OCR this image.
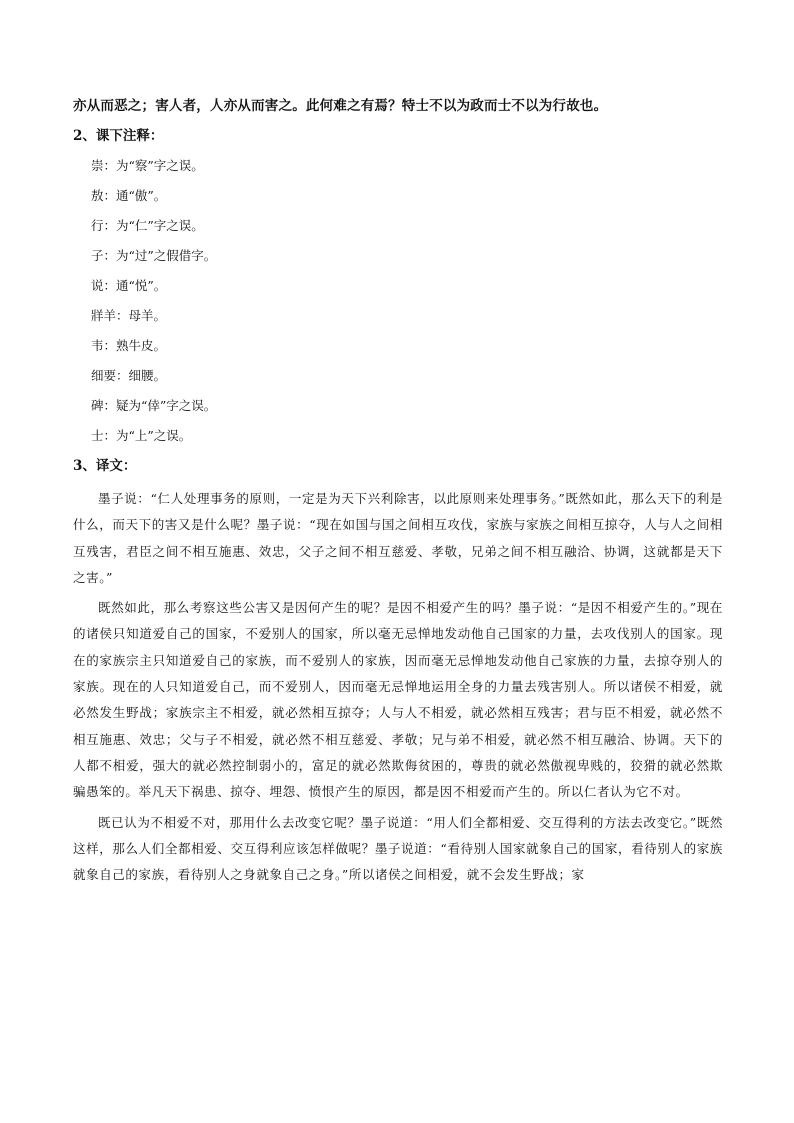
亦从而恶之；害人者，人亦从而害之。此何难之有焉？特士不以为政而士不以为行故也。

2、课下注释：

崇：为“察”字之误。
敖：通“傲”。
行：为“仁”字之误。
子：为“过”之假借字。
说：通“悦”。
牂羊：母羊。
韦：熟牛皮。
细要：细腰。
碑：疑为“倖”字之误。
士：为“上”之误。

3、译文：

墨子说：“仁人处理事务的原则，一定是为天下兴利除害，以此原则来处理事务。”既然如此，那么天下的利是什么，而天下的害又是什么呢？墨子说：“现在如国与国之间相互攻伐，家族与家族之间相互掠夺，人与人之间相互残害，君臣之间不相互施惠、效忠，父子之间不相互慈爱、孝敬，兄弟之间不相互融洽、协调，这就都是天下之害。”

既然如此，那么考察这些公害又是因何产生的呢？是因不相爱产生的吗？墨子说：“是因不相爱产生的。”现在的诸侯只知道爱自己的国家，不爱别人的国家，所以毫无忌惮地发动他自己国家的力量，去攻伐别人的国家。现在的家族宗主只知道爱自己的家族，而不爱别人的家族，因而毫无忌惮地发动他自己家族的力量，去掠夺别人的家族。现在的人只知道爱自己，而不爱别人，因而毫无忌惮地运用全身的力量去残害别人。所以诸侯不相爱，就必然发生野战；家族宗主不相爱，就必然相互掠夺；人与人不相爱，就必然相互残害；君与臣不相爱，就必然不相互施惠、效忠；父与子不相爱，就必然不相互慈爱、孝敬；兄与弟不相爱，就必然不相互融洽、协调。天下的人都不相爱，强大的就必然控制弱小的，富足的就必然欺侮贫困的，尊贵的就必然傲视卑贱的，狡猾的就必然欺骗愚笨的。举凡天下祸患、掠夺、埋怨、愤恨产生的原因，都是因不相爱而产生的。所以仁者认为它不对。

既已认为不相爱不对，那用什么去改变它呢？墨子说道：“用人们全都相爱、交互得利的方法去改变它。”既然这样，那么人们全都相爱、交互得利应该怎样做呢？墨子说道：“看待别人国家就象自己的国家，看待别人的家族就象自己的家族，看待别人之身就象自己之身。”所以诸侯之间相爱，就不会发生野战；家
